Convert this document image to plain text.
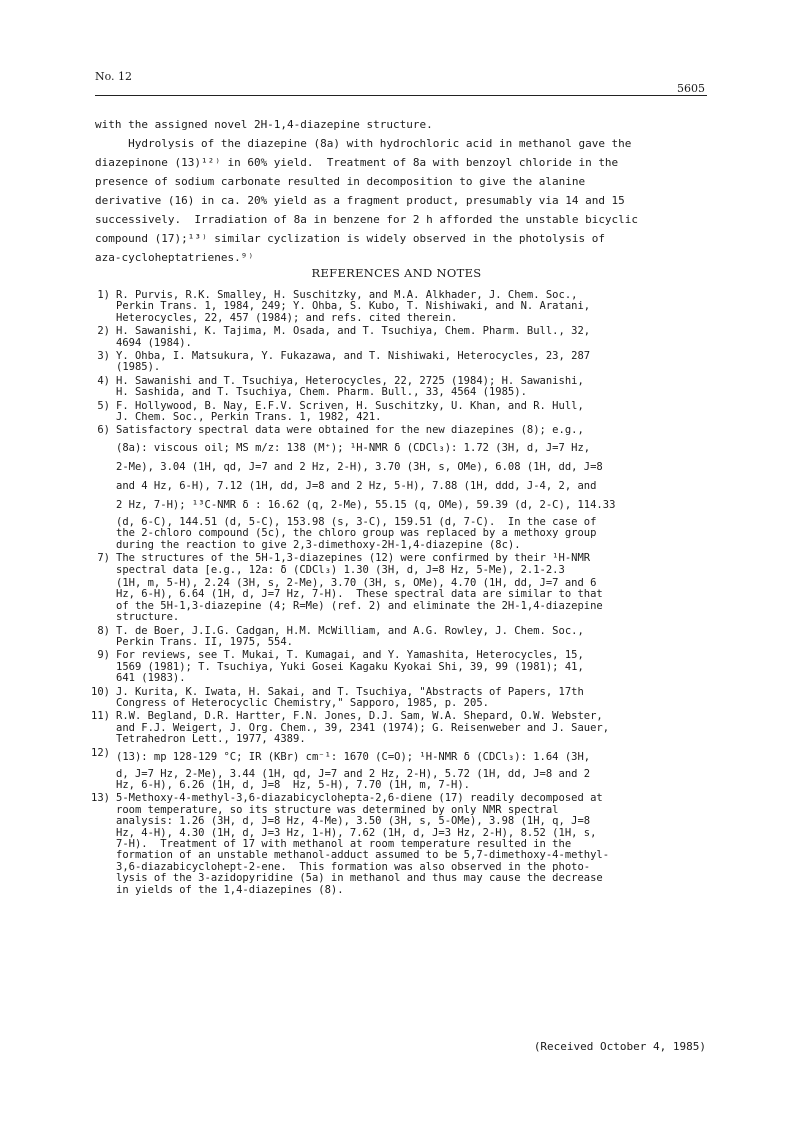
No. 12
5605
with the assigned novel 2H-1,4-diazepine structure.
Hydrolysis of the diazepine (8a) with hydrochloric acid in methanol gave the
diazepinone (13)¹²⁾ in 60% yield.  Treatment of 8a with benzoyl chloride in the
presence of sodium carbonate resulted in decomposition to give the alanine
derivative (16) in ca. 20% yield as a fragment product, presumably via 14 and 15
successively.  Irradiation of 8a in benzene for 2 h afforded the unstable bicyclic
compound (17);¹³⁾ similar cyclization is widely observed in the photolysis of
aza-cycloheptatrienes.⁹⁾
REFERENCES AND NOTES
1) R. Purvis, R.K. Smalley, H. Suschitzky, and M.A. Alkhader, J. Chem. Soc.,
Perkin Trans. 1, 1984, 249; Y. Ohba, S. Kubo, T. Nishiwaki, and N. Aratani,
Heterocycles, 22, 457 (1984); and refs. cited therein.
2) H. Sawanishi, K. Tajima, M. Osada, and T. Tsuchiya, Chem. Pharm. Bull., 32,
4694 (1984).
3) Y. Ohba, I. Matsukura, Y. Fukazawa, and T. Nishiwaki, Heterocycles, 23, 287
(1985).
4) H. Sawanishi and T. Tsuchiya, Heterocycles, 22, 2725 (1984); H. Sawanishi,
H. Sashida, and T. Tsuchiya, Chem. Pharm. Bull., 33, 4564 (1985).
5) F. Hollywood, B. Nay, E.F.V. Scriven, H. Suschitzky, U. Khan, and R. Hull,
J. Chem. Soc., Perkin Trans. 1, 1982, 421.
6) Satisfactory spectral data were obtained for the new diazepines (8); e.g.,
(8a): viscous oil; MS m/z: 138 (M⁺); ¹H-NMR δ (CDCl₃): 1.72 (3H, d, J=7 Hz,
2-Me), 3.04 (1H, qd, J=7 and 2 Hz, 2-H), 3.70 (3H, s, OMe), 6.08 (1H, dd, J=8
and 4 Hz, 6-H), 7.12 (1H, dd, J=8 and 2 Hz, 5-H), 7.88 (1H, ddd, J-4, 2, and
2 Hz, 7-H); ¹³C-NMR δ : 16.62 (q, 2-Me), 55.15 (q, OMe), 59.39 (d, 2-C), 114.33
(d, 6-C), 144.51 (d, 5-C), 153.98 (s, 3-C), 159.51 (d, 7-C).  In the case of
the 2-chloro compound (5c), the chloro group was replaced by a methoxy group
during the reaction to give 2,3-dimethoxy-2H-1,4-diazepine (8c).
7) The structures of the 5H-1,3-diazepines (12) were confirmed by their ¹H-NMR
spectral data [e.g., 12a: δ (CDCl₃) 1.30 (3H, d, J=8 Hz, 5-Me), 2.1-2.3
(1H, m, 5-H), 2.24 (3H, s, 2-Me), 3.70 (3H, s, OMe), 4.70 (1H, dd, J=7 and 6
Hz, 6-H), 6.64 (1H, d, J=7 Hz, 7-H).  These spectral data are similar to that
of the 5H-1,3-diazepine (4; R=Me) (ref. 2) and eliminate the 2H-1,4-diazepine
structure.
8) T. de Boer, J.I.G. Cadgan, H.M. McWilliam, and A.G. Rowley, J. Chem. Soc.,
Perkin Trans. II, 1975, 554.
9) For reviews, see T. Mukai, T. Kumagai, and Y. Yamashita, Heterocycles, 15,
1569 (1981); T. Tsuchiya, Yuki Gosei Kagaku Kyokai Shi, 39, 99 (1981); 41,
641 (1983).
10) J. Kurita, K. Iwata, H. Sakai, and T. Tsuchiya, "Abstracts of Papers, 17th
Congress of Heterocyclic Chemistry," Sapporo, 1985, p. 205.
11) R.W. Begland, D.R. Hartter, F.N. Jones, D.J. Sam, W.A. Shepard, O.W. Webster,
and F.J. Weigert, J. Org. Chem., 39, 2341 (1974); G. Reisenweber and J. Sauer,
Tetrahedron Lett., 1977, 4389.
12) (13): mp 128-129 °C; IR (KBr) cm⁻¹: 1670 (C=O); ¹H-NMR δ (CDCl₃): 1.64 (3H,
d, J=7 Hz, 2-Me), 3.44 (1H, qd, J=7 and 2 Hz, 2-H), 5.72 (1H, dd, J=8 and 2
Hz, 6-H), 6.26 (1H, d, J=8  Hz, 5-H), 7.70 (1H, m, 7-H).
13) 5-Methoxy-4-methyl-3,6-diazabicyclohepta-2,6-diene (17) readily decomposed at
room temperature, so its structure was determined by only NMR spectral
analysis: 1.26 (3H, d, J=8 Hz, 4-Me), 3.50 (3H, s, 5-OMe), 3.98 (1H, q, J=8
Hz, 4-H), 4.30 (1H, d, J=3 Hz, 1-H), 7.62 (1H, d, J=3 Hz, 2-H), 8.52 (1H, s,
7-H).  Treatment of 17 with methanol at room temperature resulted in the
formation of an unstable methanol-adduct assumed to be 5,7-dimethoxy-4-methyl-
3,6-diazabicyclohept-2-ene.  This formation was also observed in the photo-
lysis of the 3-azidopyridine (5a) in methanol and thus may cause the decrease
in yields of the 1,4-diazepines (8).
(Received October 4, 1985)
